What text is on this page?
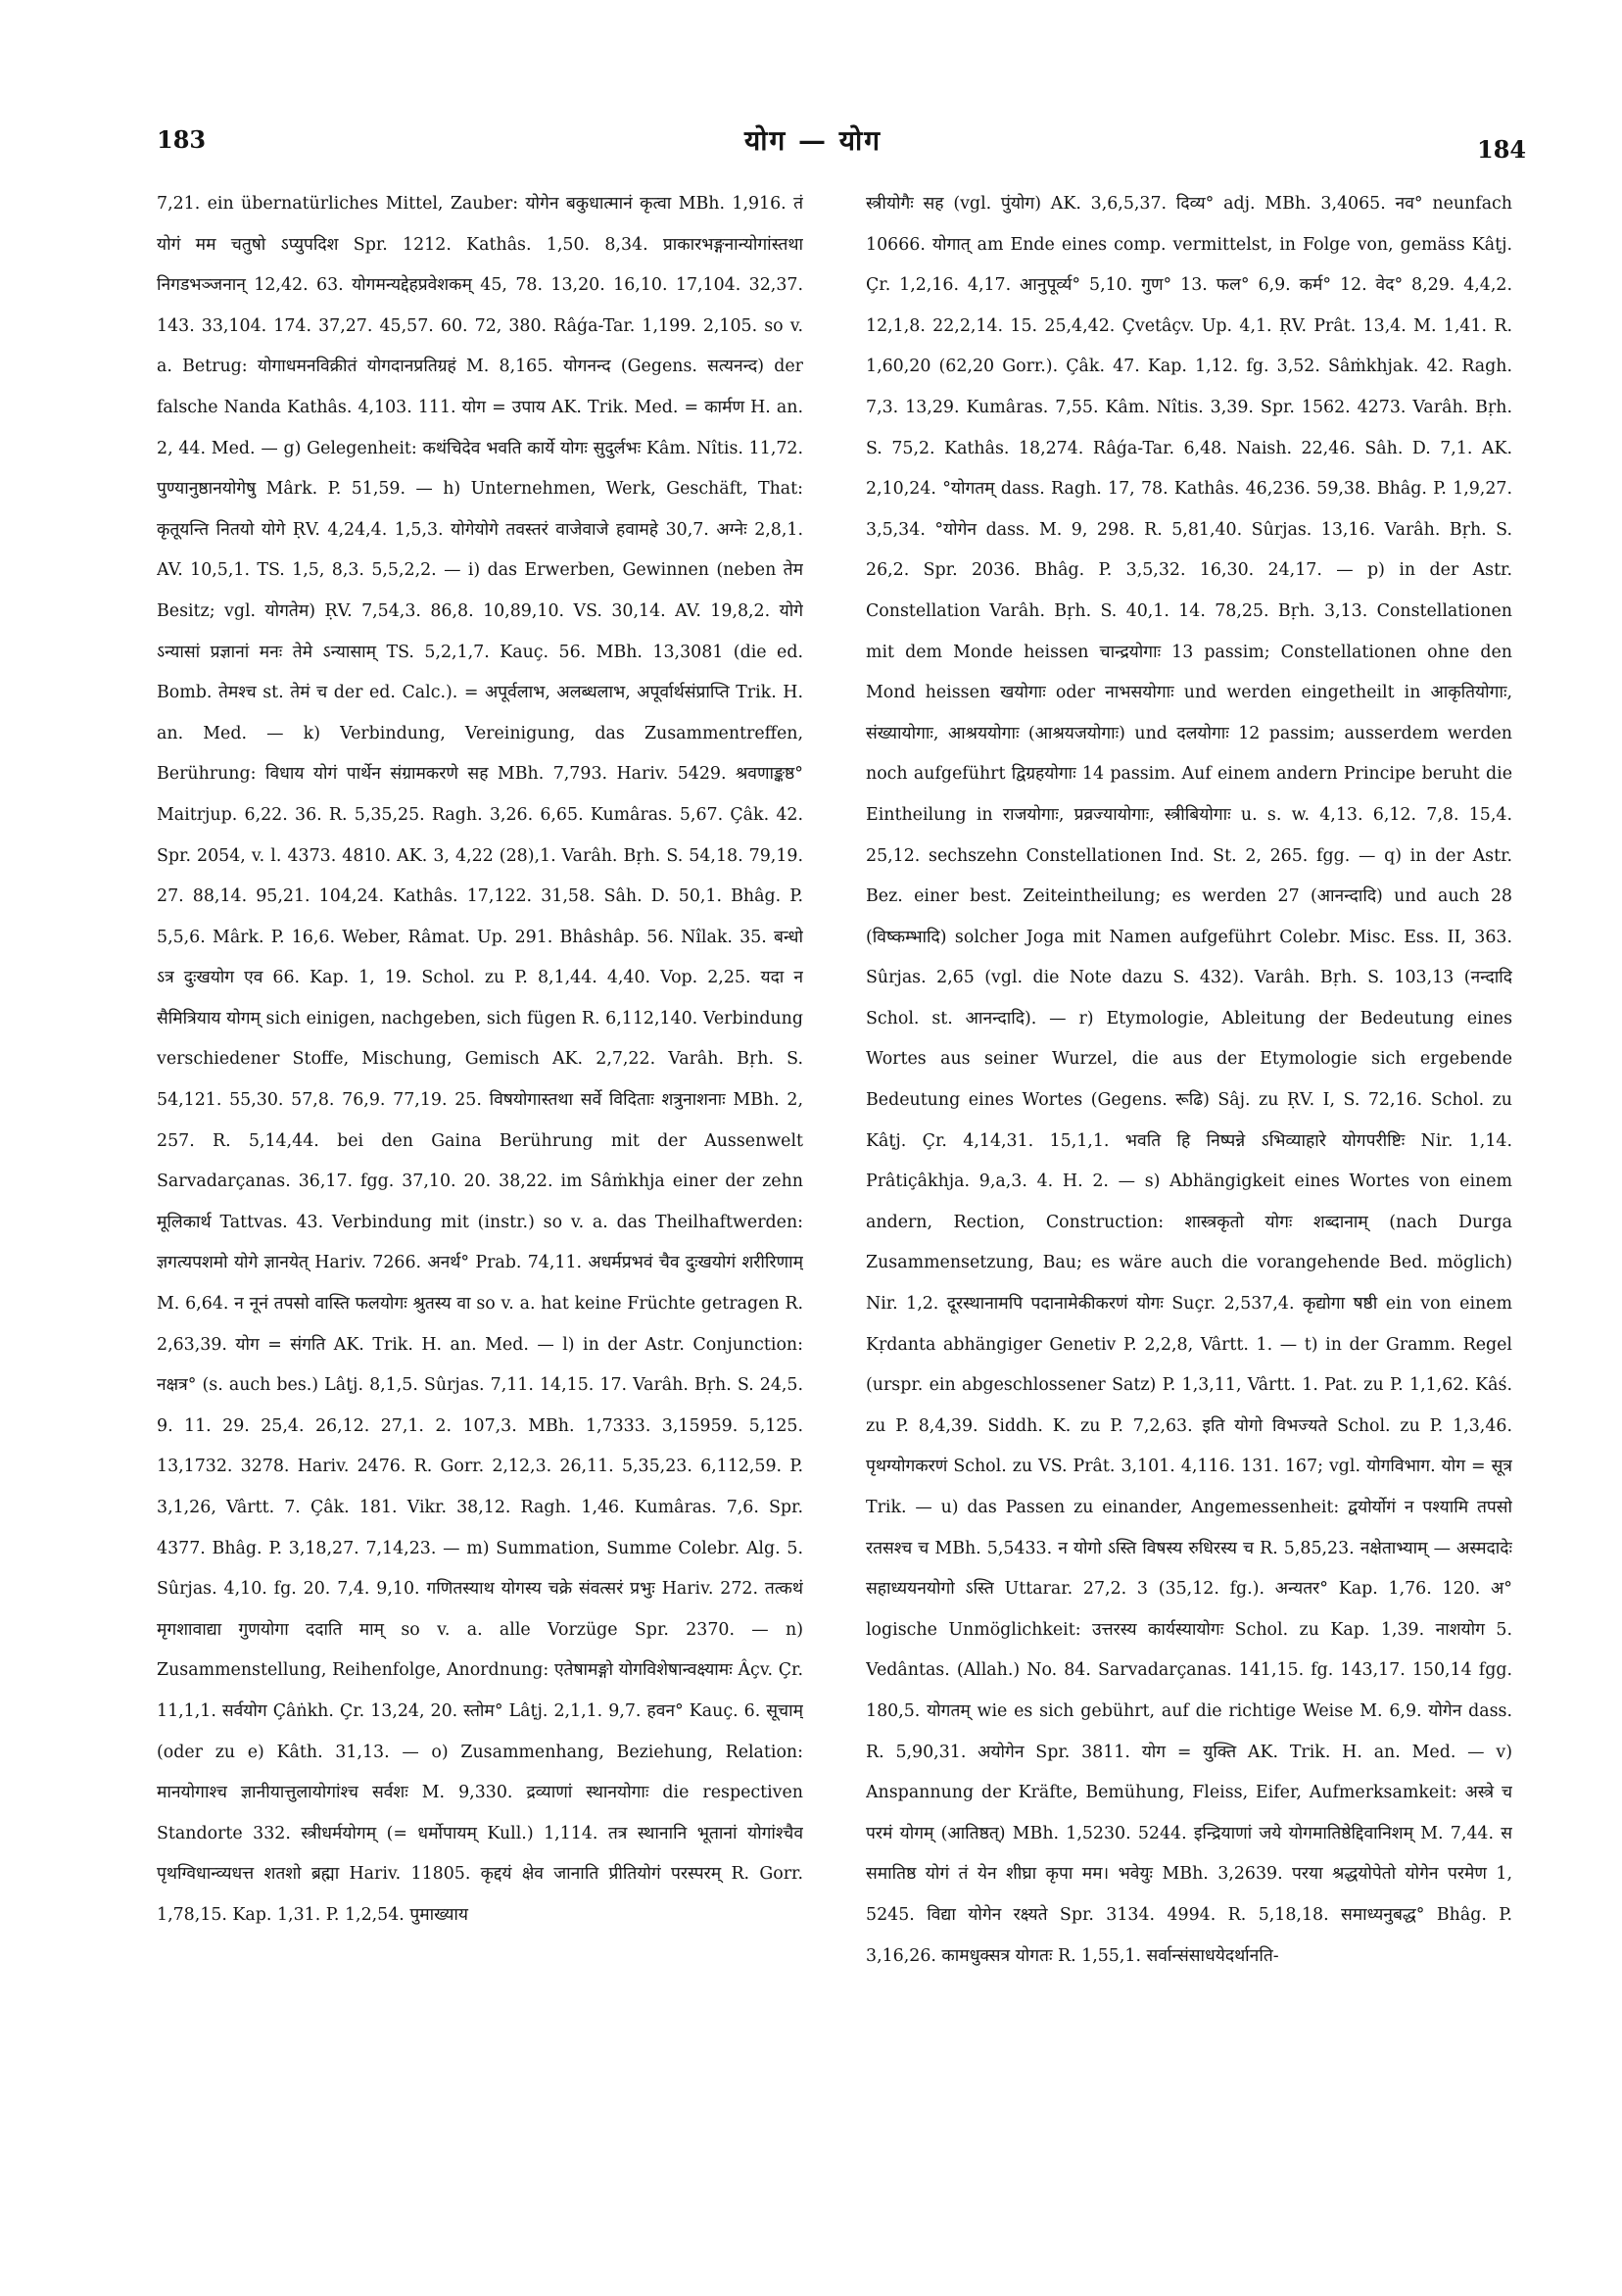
183	योग — योग	184

7,21. ein übernatürliches Mittel, Zauber: योगेन बकुधात्मानं कृत्वा MBh. 1,916. तं योगं मम चतुषो ऽप्युपदिश Spr. 1212. Kathâs. 1,50. 8,34. प्राकारभङ्गनान्योगांस्तथा निगडभञ्जनान् 12,42. 63. योगमन्यद्देहप्रवेशकम् 45, 78. 13,20. 16,10. 17,104. 32,37. 143. 33,104. 174. 37,27. 45,57. 60. 72, 380. Râǵa-Tar. 1,199. 2,105. so v. a. Betrug: योगाधमनविक्रीतं योगदानप्रतिग्रहं M. 8,165. योगनन्द (Gegens. सत्यनन्द) der falsche Nanda Kathâs. 4,103. 111. योग = उपाय AK. Trik. Med. = कार्मण H. an. 2, 44. Med. — g) Gelegenheit: कथंचिदेव भवति कार्ये योगः सुदुर्लभः Kâm. Nîtis. 11,72. पुण्यानुष्ठानयोगेषु Mârk. P. 51,59. — h) Unternehmen, Werk, Geschäft, That: कृतूयन्ति नितयो योगे ṚV. 4,24,4. 1,5,3. योगेयोगे तवस्तरं वाजेवाजे हवामहे 30,7. अग्नेः 2,8,1. AV. 10,5,1. TS. 1,5, 8,3. 5,5,2,2. — i) das Erwerben, Gewinnen (neben तेम Besitz; vgl. योगतेम) ṚV. 7,54,3. 86,8. 10,89,10. VS. 30,14. AV. 19,8,2. योगे ऽन्यासां प्रज्ञानां मनः तेमे ऽन्यासाम् TS. 5,2,1,7. Kauç. 56. MBh. 13,3081 (die ed. Bomb. तेमश्च st. तेमं च der ed. Calc.). = अपूर्वलाभ, अलब्धलाभ, अपूर्वार्थसंप्राप्ति Trik. H. an. Med. — k) Verbindung, Vereinigung, das Zusammentreffen, Berührung: विधाय योगं पार्थेन संग्रामकरणे सह MBh. 7,793. Hariv. 5429. श्रवणाङ्कष्ठ° Maitrjup. 6,22. 36. R. 5,35,25. Ragh. 3,26. 6,65. Kumâras. 5,67. Çâk. 42. Spr. 2054, v. l. 4373. 4810. AK. 3, 4,22 (28),1. Varâh. Bṛh. S. 54,18. 79,19. 27. 88,14. 95,21. 104,24. Kathâs. 17,122. 31,58. Sâh. D. 50,1. Bhâg. P. 5,5,6. Mârk. P. 16,6. Weber, Râmat. Up. 291. Bhâshâp. 56. Nîlak. 35. बन्धो ऽत्र दुःखयोग एव 66. Kap. 1, 19. Schol. zu P. 8,1,44. 4,40. Vop. 2,25. यदा न सैमित्रियाय योगम् sich einigen, nachgeben, sich fügen R. 6,112,140. Verbindung verschiedener Stoffe, Mischung, Gemisch AK. 2,7,22. Varâh. Bṛh. S. 54,121. 55,30. 57,8. 76,9. 77,19. 25. विषयोगास्तथा सर्वे विदिताः शत्रुनाशनाः MBh. 2, 257. R. 5,14,44. bei den Gaina Berührung mit der Aussenwelt Sarvadarçanas. 36,17. fgg. 37,10. 20. 38,22. im Sâṁkhja einer der zehn मूलिकार्थ Tattvas. 43. Verbindung mit (instr.) so v. a. das Theilhaftwerden: ज्ञगत्यपशमो योगे ज्ञानयेत् Hariv. 7266. अनर्थ° Prab. 74,11. अधर्मप्रभवं चैव दुःखयोगं शरीरिणाम् M. 6,64. न नूनं तपसो वास्ति फलयोगः श्रुतस्य वा so v. a. hat keine Früchte getragen R. 2,63,39. योग = संगति AK. Trik. H. an. Med. — l) in der Astr. Conjunction: नक्षत्र° (s. auch bes.) Lâṭj. 8,1,5. Sûrjas. 7,11. 14,15. 17. Varâh. Bṛh. S. 24,5. 9. 11. 29. 25,4. 26,12. 27,1. 2. 107,3. MBh. 1,7333. 3,15959. 5,125. 13,1732. 3278. Hariv. 2476. R. Gorr. 2,12,3. 26,11. 5,35,23. 6,112,59. P. 3,1,26, Vârtt. 7. Çâk. 181. Vikr. 38,12. Ragh. 1,46. Kumâras. 7,6. Spr. 4377. Bhâg. P. 3,18,27. 7,14,23. — m) Summation, Summe Colebr. Alg. 5. Sûrjas. 4,10. fg. 20. 7,4. 9,10. गणितस्याथ योगस्य चक्रे संवत्सरं प्रभुः Hariv. 272. तत्कथं मृगशावाद्या गुणयोगा ददाति माम् so v. a. alle Vorzüge Spr. 2370. — n) Zusammenstellung, Reihenfolge, Anordnung: एतेषामङ्गो योगविशेषान्वक्ष्यामः Âçv. Çr. 11,1,1. सर्वयोग Çâṅkh. Çr. 13,24, 20. स्तोम° Lâṭj. 2,1,1. 9,7. हवन° Kauç. 6. सूचाम् (oder zu e) Kâth. 31,13. — o) Zusammenhang, Beziehung, Relation: मानयोगाश्च ज्ञानीयात्तुलायोगांश्च सर्वशः M. 9,330. द्रव्याणां स्थानयोगाः die respectiven Standorte 332. स्त्रीधर्मयोगम् (= धर्मोपायम् Kull.) 1,114. तत्र स्थानानि भूतानां योगांश्चैव पृथग्विधान्व्यधत्त शतशो ब्रह्मा Hariv. 11805. कृद्दयं क्षेव जानाति प्रीतियोगं परस्परम् R. Gorr. 1,78,15. Kap. 1,31. P. 1,2,54. पुमाख्याय

स्त्रीयोगैः सह (vgl. पुंयोग) AK. 3,6,5,37. दिव्य° adj. MBh. 3,4065. नव° neunfach 10666. योगात् am Ende eines comp. vermittelst, in Folge von, gemäss Kâṭj. Çr. 1,2,16. 4,17. आनुपूर्व्य° 5,10. गुण° 13. फल° 6,9. कर्म° 12. वेद° 8,29. 4,4,2. 12,1,8. 22,2,14. 15. 25,4,42. Çvetâçv. Up. 4,1. ṚV. Prât. 13,4. M. 1,41. R. 1,60,20 (62,20 Gorr.). Çâk. 47. Kap. 1,12. fg. 3,52. Sâṁkhjak. 42. Ragh. 7,3. 13,29. Kumâras. 7,55. Kâm. Nîtis. 3,39. Spr. 1562. 4273. Varâh. Bṛh. S. 75,2. Kathâs. 18,274. Râǵa-Tar. 6,48. Naish. 22,46. Sâh. D. 7,1. AK. 2,10,24. °योगतम् dass. Ragh. 17, 78. Kathâs. 46,236. 59,38. Bhâg. P. 1,9,27. 3,5,34. °योगेन dass. M. 9, 298. R. 5,81,40. Sûrjas. 13,16. Varâh. Bṛh. S. 26,2. Spr. 2036. Bhâg. P. 3,5,32. 16,30. 24,17. — p) in der Astr. Constellation Varâh. Bṛh. S. 40,1. 14. 78,25. Bṛh. 3,13. Constellationen mit dem Monde heissen चान्द्रयोगाः 13 passim; Constellationen ohne den Mond heissen खयोगाः oder नाभसयोगाः und werden eingetheilt in आकृतियोगाः, संख्यायोगाः, आश्रययोगाः (आश्रयजयोगाः) und दलयोगाः 12 passim; ausserdem werden noch aufgeführt द्विग्रहयोगाः 14 passim. Auf einem andern Principe beruht die Eintheilung in राजयोगाः, प्रव्रज्यायोगाः, स्त्रीबियोगाः u. s. w. 4,13. 6,12. 7,8. 15,4. 25,12. sechszehn Constellationen Ind. St. 2, 265. fgg. — q) in der Astr. Bez. einer best. Zeiteintheilung; es werden 27 (आनन्दादि) und auch 28 (विष्कम्भादि) solcher Joga mit Namen aufgeführt Colebr. Misc. Ess. II, 363. Sûrjas. 2,65 (vgl. die Note dazu S. 432). Varâh. Bṛh. S. 103,13 (नन्दादि Schol. st. आनन्दादि). — r) Etymologie, Ableitung der Bedeutung eines Wortes aus seiner Wurzel, die aus der Etymologie sich ergebende Bedeutung eines Wortes (Gegens. रूढि) Sâj. zu ṚV. I, S. 72,16. Schol. zu Kâṭj. Çr. 4,14,31. 15,1,1. भवति हि निष्पन्ने ऽभिव्याहारे योगपरीष्टिः Nir. 1,14. Prâtiçâkhja. 9,a,3. 4. H. 2. — s) Abhängigkeit eines Wortes von einem andern, Rection, Construction: शास्त्रकृतो योगः शब्दानाम् (nach Durga Zusammensetzung, Bau; es wäre auch die vorangehende Bed. möglich) Nir. 1,2. दूरस्थानामपि पदानामेकीकरणं योगः Suçr. 2,537,4. कृद्योगा षष्ठी ein von einem Kṛdanta abhängiger Genetiv P. 2,2,8, Vârtt. 1. — t) in der Gramm. Regel (urspr. ein abgeschlossener Satz) P. 1,3,11, Vârtt. 1. Pat. zu P. 1,1,62. Kâś. zu P. 8,4,39. Siddh. K. zu P. 7,2,63. इति योगो विभज्यते Schol. zu P. 1,3,46. पृथग्योगकरणं Schol. zu VS. Prât. 3,101. 4,116. 131. 167; vgl. योगविभाग. योग = सूत्र Trik. — u) das Passen zu einander, Angemessenheit: द्वयोर्योगं न पश्यामि तपसो रतसश्च च MBh. 5,5433. न योगो ऽस्ति विषस्य रुधिरस्य च R. 5,85,23. नक्षेताभ्याम् — अस्मदादेः सहाध्ययनयोगो ऽस्ति Uttarar. 27,2. 3 (35,12. fg.). अन्यतर° Kap. 1,76. 120. अ° logische Unmöglichkeit: उत्तरस्य कार्यस्यायोगः Schol. zu Kap. 1,39. नाशयोग 5. Vedântas. (Allah.) No. 84. Sarvadarçanas. 141,15. fg. 143,17. 150,14 fgg. 180,5. योगतम् wie es sich gebührt, auf die richtige Weise M. 6,9. योगेन dass. R. 5,90,31. अयोगेन Spr. 3811. योग = युक्ति AK. Trik. H. an. Med. — v) Anspannung der Kräfte, Bemühung, Fleiss, Eifer, Aufmerksamkeit: अस्त्रे च परमं योगम् (आतिष्ठत्) MBh. 1,5230. 5244. इन्द्रियाणां जये योगमातिष्ठेद्दिवानिशम् M. 7,44. स समातिष्ठ योगं तं येन शीघ्रा कृपा मम। भवेयुः MBh. 3,2639. परया श्रद्धयोपेतो योगेन परमेण 1, 5245. विद्या योगेन रक्ष्यते Spr. 3134. 4994. R. 5,18,18. समाध्यनुबद्ध° Bhâg. P. 3,16,26. कामधुक्सत्र योगतः R. 1,55,1. सर्वान्संसाधयेदर्थानति-
